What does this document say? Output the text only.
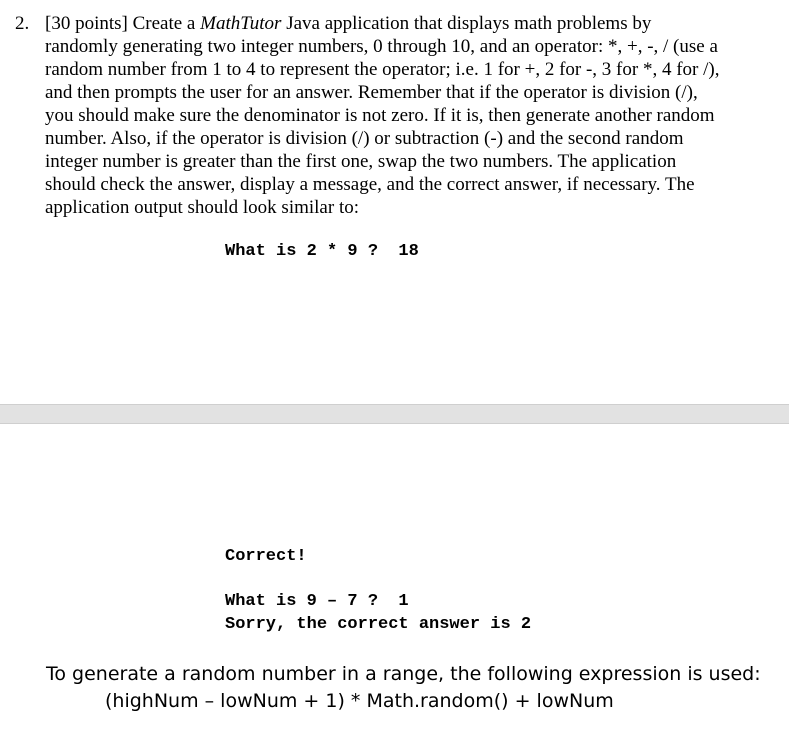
2. [30 points] Create a MathTutor Java application that displays math problems by
randomly generating two integer numbers, 0 through 10, and an operator: *, +, -, / (use a
random number from 1 to 4 to represent the operator; i.e. 1 for +, 2 for -, 3 for *, 4 for /),
and then prompts the user for an answer. Remember that if the operator is division (/),
you should make sure the denominator is not zero. If it is, then generate another random
number. Also, if the operator is division (/) or subtraction (-) and the second random
integer number is greater than the first one, swap the two numbers. The application
should check the answer, display a message, and the correct answer, if necessary. The
application output should look similar to:
What is 2 * 9 ?  18
Correct!
What is 9 – 7 ?  1
Sorry, the correct answer is 2
To generate a random number in a range, the following expression is used:
(highNum – lowNum + 1) * Math.random() + lowNum
